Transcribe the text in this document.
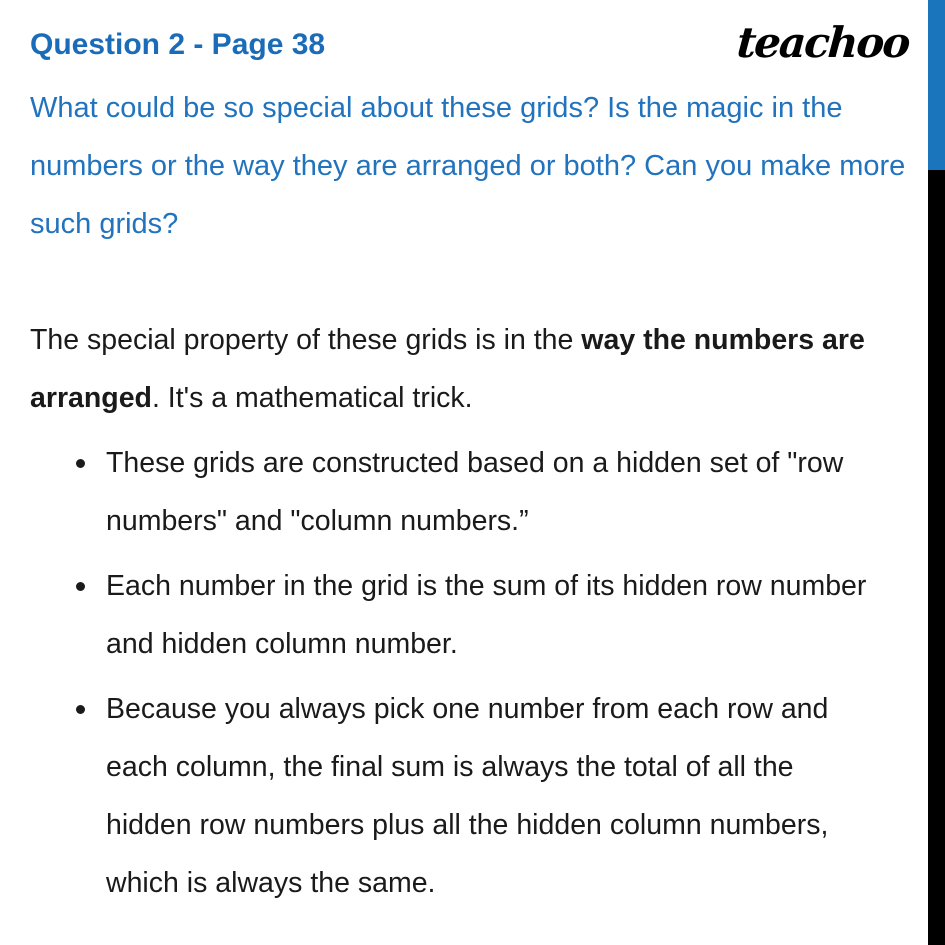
Question 2 - Page 38	teachoo

What could be so special about these grids? Is the magic in the numbers or the way they are arranged or both? Can you make more such grids?

The special property of these grids is in the way the numbers are arranged. It's a mathematical trick.

These grids are constructed based on a hidden set of "row numbers" and "column numbers.”
Each number in the grid is the sum of its hidden row number and hidden column number.
Because you always pick one number from each row and each column, the final sum is always the total of all the hidden row numbers plus all the hidden column numbers, which is always the same.
